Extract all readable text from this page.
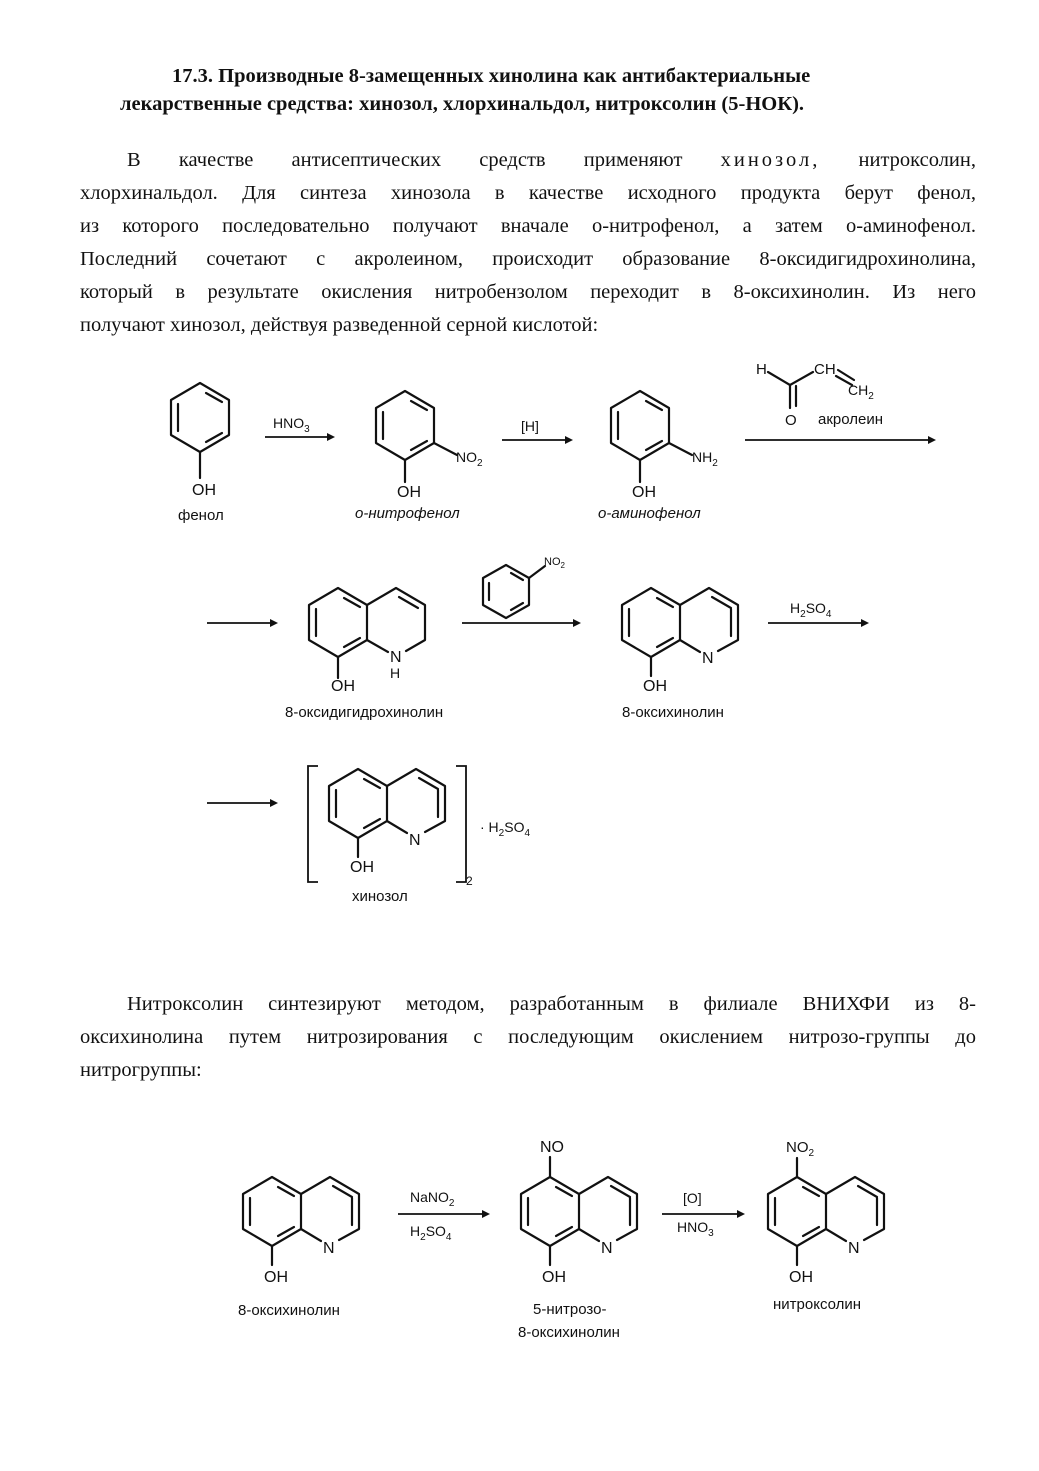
17.3. Производные 8-замещенных хинолина как антибактериальные
лекарственные средства: хинозол, хлорхинальдол, нитроксолин (5-НОК).
В качестве антисептических средств применяют хинозол, нитроксолин,
хлорхинальдол. Для синтеза хинозола в качестве исходного продукта берут фенол,
из которого последовательно получают вначале о-нитрофенол, а затем о-аминофенол.
Последний сочетают с акролеином, происходит образование 8-оксидигидрохинолина,
который в результате окисления нитробензолом переходит в 8-оксихинолин. Из него
получают хинозол, действуя разведенной серной кислотой:
OH
фенол
$HNO_3$
$NO_2$
OH
о-нитрофенол
[H]
$NH_2$
OH
о-аминофенол
H	CH
$CH_2$
O акролеин
N
H
OH
8-оксидигидрохинолин
$NO_2$
N
OH
8-оксихинолин
$H_2SO_4$
N
OH
2
· $H_2SO_4$
хинозол
Нитроксолин синтезируют методом, разработанным в филиале ВНИХФИ из 8-
оксихинолина путем нитрозирования с последующим окислением нитрозо-группы до
нитрогруппы:
N
OH
8-оксихинолин
NaNO$_2$
$H_2SO_4$
NO
N
OH
5-нитрозо-
8-оксихинолин
[O]
$HNO_3$
$NO_2$
N
OH
нитроксолин
